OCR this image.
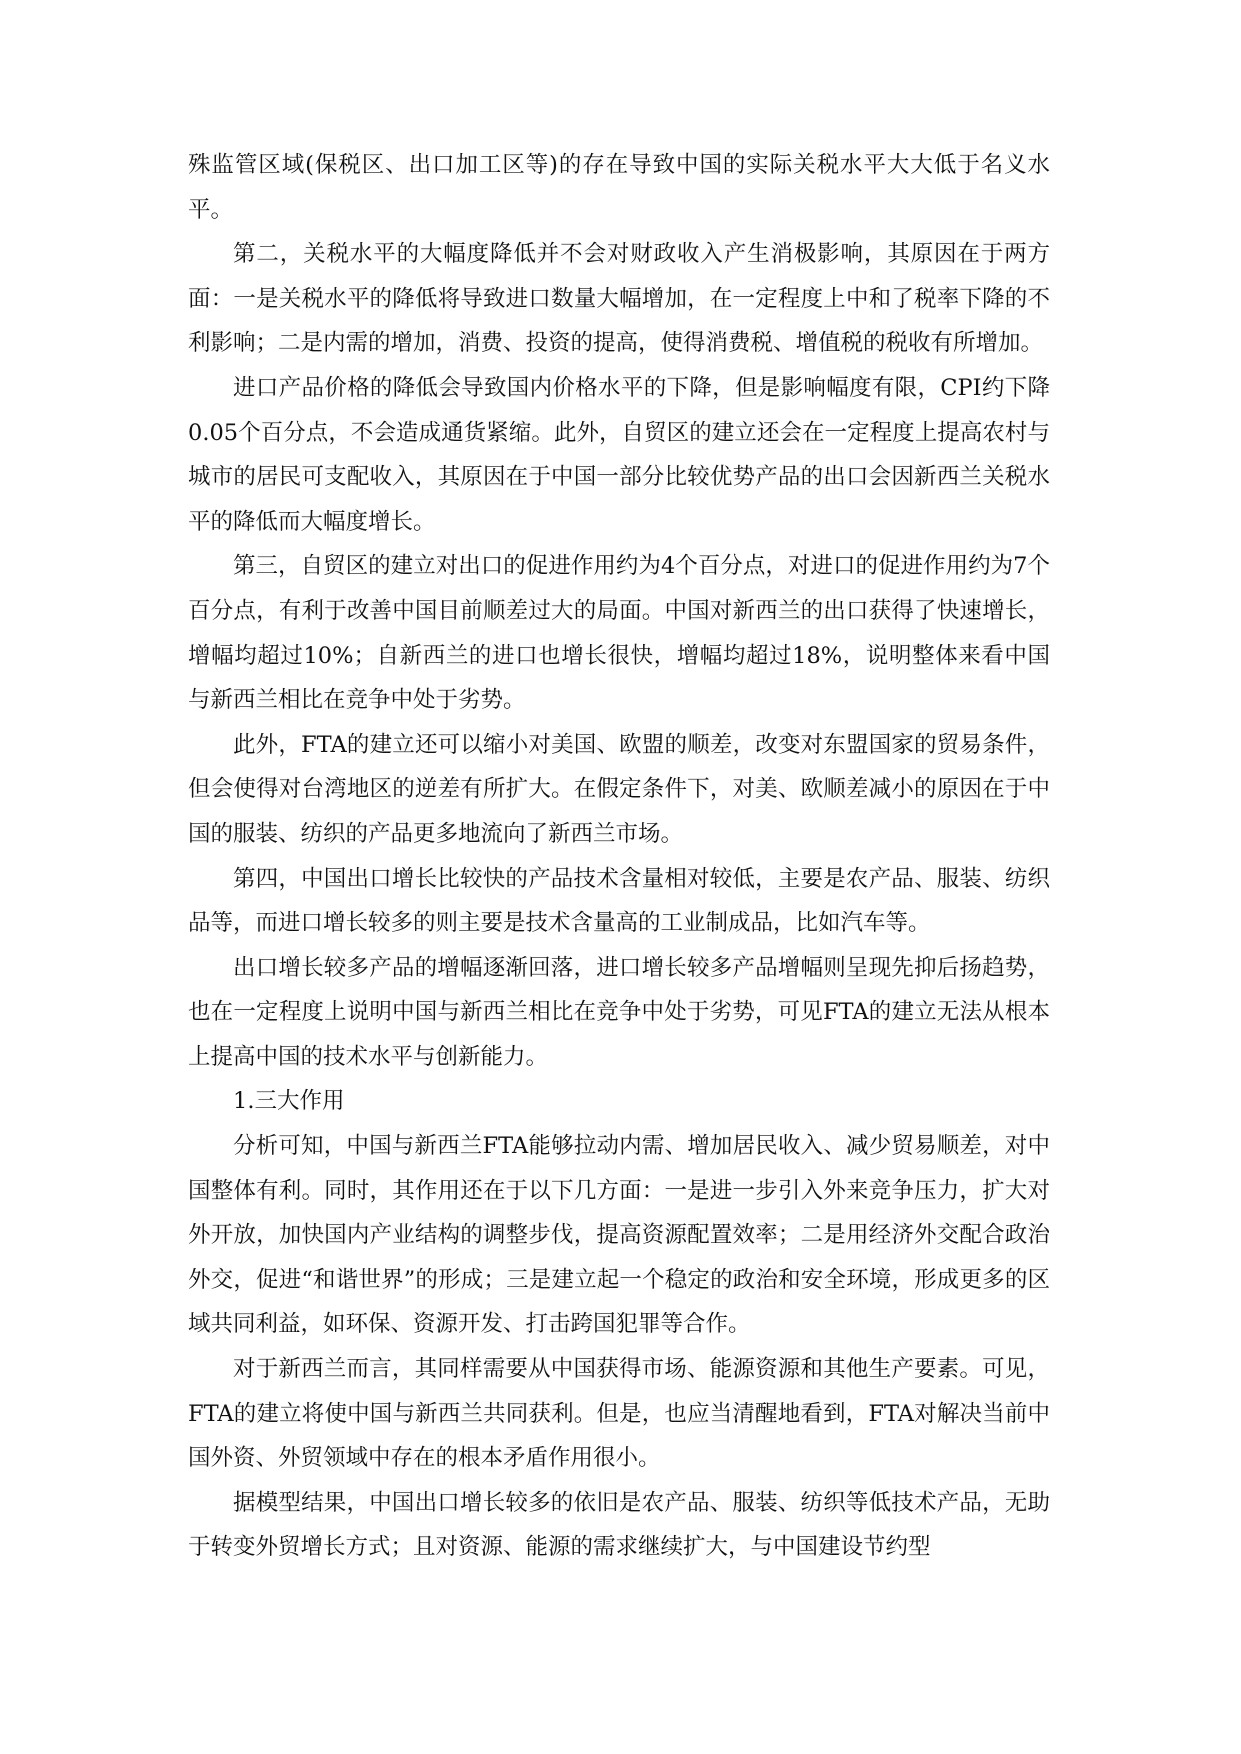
殊监管区域(保税区、出口加工区等)的存在导致中国的实际关税水平大大低于名义水平。

第二，关税水平的大幅度降低并不会对财政收入产生消极影响，其原因在于两方面：一是关税水平的降低将导致进口数量大幅增加，在一定程度上中和了税率下降的不利影响；二是内需的增加，消费、投资的提高，使得消费税、增值税的税收有所增加。

进口产品价格的降低会导致国内价格水平的下降，但是影响幅度有限，CPI约下降0.05个百分点，不会造成通货紧缩。此外，自贸区的建立还会在一定程度上提高农村与城市的居民可支配收入，其原因在于中国一部分比较优势产品的出口会因新西兰关税水平的降低而大幅度增长。

第三，自贸区的建立对出口的促进作用约为4个百分点，对进口的促进作用约为7个百分点，有利于改善中国目前顺差过大的局面。中国对新西兰的出口获得了快速增长，增幅均超过10%；自新西兰的进口也增长很快，增幅均超过18%，说明整体来看中国与新西兰相比在竞争中处于劣势。

此外，FTA的建立还可以缩小对美国、欧盟的顺差，改变对东盟国家的贸易条件，但会使得对台湾地区的逆差有所扩大。在假定条件下，对美、欧顺差减小的原因在于中国的服装、纺织的产品更多地流向了新西兰市场。

第四，中国出口增长比较快的产品技术含量相对较低，主要是农产品、服装、纺织品等，而进口增长较多的则主要是技术含量高的工业制成品，比如汽车等。

出口增长较多产品的增幅逐渐回落，进口增长较多产品增幅则呈现先抑后扬趋势，也在一定程度上说明中国与新西兰相比在竞争中处于劣势，可见FTA的建立无法从根本上提高中国的技术水平与创新能力。

1.三大作用

分析可知，中国与新西兰FTA能够拉动内需、增加居民收入、减少贸易顺差，对中国整体有利。同时，其作用还在于以下几方面：一是进一步引入外来竞争压力，扩大对外开放，加快国内产业结构的调整步伐，提高资源配置效率；二是用经济外交配合政治外交，促进“和谐世界”的形成；三是建立起一个稳定的政治和安全环境，形成更多的区域共同利益，如环保、资源开发、打击跨国犯罪等合作。

对于新西兰而言，其同样需要从中国获得市场、能源资源和其他生产要素。可见，FTA的建立将使中国与新西兰共同获利。但是，也应当清醒地看到，FTA对解决当前中国外资、外贸领域中存在的根本矛盾作用很小。

据模型结果，中国出口增长较多的依旧是农产品、服装、纺织等低技术产品，无助于转变外贸增长方式；且对资源、能源的需求继续扩大，与中国建设节约型
